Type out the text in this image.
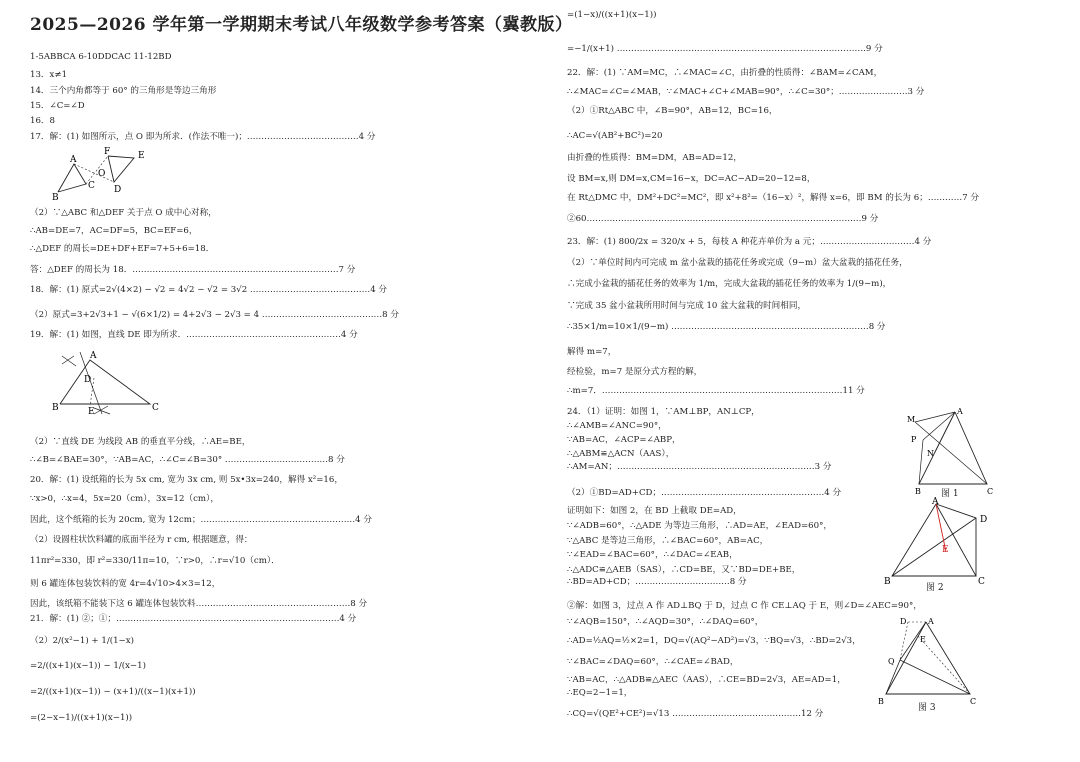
2025—2026 学年第一学期期末考试八年级数学参考答案（冀教版）
1-5ABBCA 6-10DDCAC 11-12BD
13．x≠1
14．三个内角都等于 60° 的三角形是等边三角形
15．∠C=∠D
16．8
17．解：(1) 如图所示，点 O 即为所求．(作法不唯一)；…………………………………4 分
（2）∵△ABC 和△DEF 关于点 O 成中心对称，
∴AB=DE=7，AC=DF=5，BC=EF=6，
∴△DEF 的周长=DE+DF+EF=7+5+6=18．
答：△DEF 的周长为 18．………………………………………………………………7 分
18．解：(1) 原式=2√(4×2) − √2 = 4√2 − √2 = 3√2 ……………………………………4 分
（2）原式=3+2√3+1 − √(6×1/2) = 4+2√3 − 2√3 = 4 ……………………………………8 分
19．解：(1) 如图，直线 DE 即为所求．………………………………………………4 分
（2）∵直线 DE 为线段 AB 的垂直平分线，∴AE=BE，
∴∠B=∠BAE=30°，∵AB=AC，∴∠C=∠B=30° ………………………………8 分
20．解：(1) 设纸箱的长为 5x cm, 宽为 3x cm, 则 5x•3x=240，解得 x²=16，
∵x>0，∴x=4，5x=20（cm），3x=12（cm），
因此，这个纸箱的长为 20cm, 宽为 12cm；………………………………………………4 分
（2）设圆柱状饮料罐的底面半径为 r cm, 根据题意，得：
11πr²=330，即 r²=330/11π=10，∵r>0，∴r=√10（cm）．
则 6 罐连体包装饮料的宽 4r=4√10>4×3=12，
因此，该纸箱不能装下这 6 罐连体包装饮料………………………………………………8 分
21．解：(1) ②；①；……………………………………………………………………4 分
（2）2/(x²−1) + 1/(1−x)
=2/((x+1)(x−1)) − 1/(x−1)
=2/((x+1)(x−1)) − (x+1)/((x−1)(x+1))
=(2−x−1)/((x+1)(x−1))
=(1−x)/((x+1)(x−1))
=−1/(x+1) ……………………………………………………………………………9 分
22．解：(1) ∵AM=MC，∴∠MAC=∠C，由折叠的性质得：∠BAM=∠CAM，
∴∠MAC=∠C=∠MAB，∵∠MAC+∠C+∠MAB=90°，∴∠C=30°；……………………3 分
（2）①Rt△ABC 中，∠B=90°，AB=12，BC=16，
∴AC=√(AB²+BC²)=20
由折叠的性质得：BM=DM，AB=AD=12，
设 BM=x,则 DM=x,CM=16−x，DC=AC−AD=20−12=8，
在 Rt△DMC 中，DM²+DC²=MC²，即 x²+8²=（16−x）²，解得 x=6，即 BM 的长为 6；…………7 分
②60……………………………………………………………………………………9 分
23．解：(1) 800/2x = 320/x + 5，每枝 A 种花卉单价为 a 元；……………………………4 分
（2）∵单位时间内可完成 m 盆小盆栽的插花任务或完成（9−m）盆大盆栽的插花任务，
∴完成小盆栽的插花任务的效率为 1/m，完成大盆栽的插花任务的效率为 1/(9−m)，
∵完成 35 盆小盆栽所用时间与完成 10 盆大盆栽的时间相同，
∴35×1/m=10×1/(9−m) ……………………………………………………………8 分
解得 m=7，
经检验，m=7 是原分式方程的解，
∴m=7．…………………………………………………………………………11 分
24．（1）证明：如图 1，∵AM⊥BP，AN⊥CP，
∴∠AMB=∠ANC=90°，
∵AB=AC，∠ACP=∠ABP，
∴△ABM≌△ACN（AAS），
∴AM=AN；……………………………………………………………3 分
（2）①BD=AD+CD；…………………………………………………4 分
证明如下：如图 2，在 BD 上截取 DE=AD，
∵∠ADB=60°，∴△ADE 为等边三角形，∴AD=AE，∠EAD=60°，
∵△ABC 是等边三角形，∴∠BAC=60°，AB=AC，
∵∠EAD=∠BAC=60°，∴∠DAC=∠EAB，
∴△ADC≌△AEB（SAS），∴CD=BE，又∵BD=DE+BE，
∴BD=AD+CD；……………………………8 分
②解：如图 3，过点 A 作 AD⊥BQ 于 D，过点 C 作 CE⊥AQ 于 E，则∠D=∠AEC=90°，
∵∠AQB=150°，∴∠AQD=30°，∴∠DAQ=60°，
∴AD=½AQ=½×2=1，DQ=√(AQ²−AD²)=√3，∵BQ=√3，∴BD=2√3，
∵∠BAC=∠DAQ=60°，∴∠CAE=∠BAD，
∵AB=AC，∴△ADB≌△AEC（AAS），∴CE=BD=2√3，AE=AD=1，
∴EQ=2−1=1，
∴CQ=√(QE²+CE²)=√13 ………………………………………12 分
A
F	E
O
C D
B
A
D
B	E	C
M
A
P
N
B	C
图 1
A
D
E
B	C
图 2
D	A
E
Q
B	C
图 3
